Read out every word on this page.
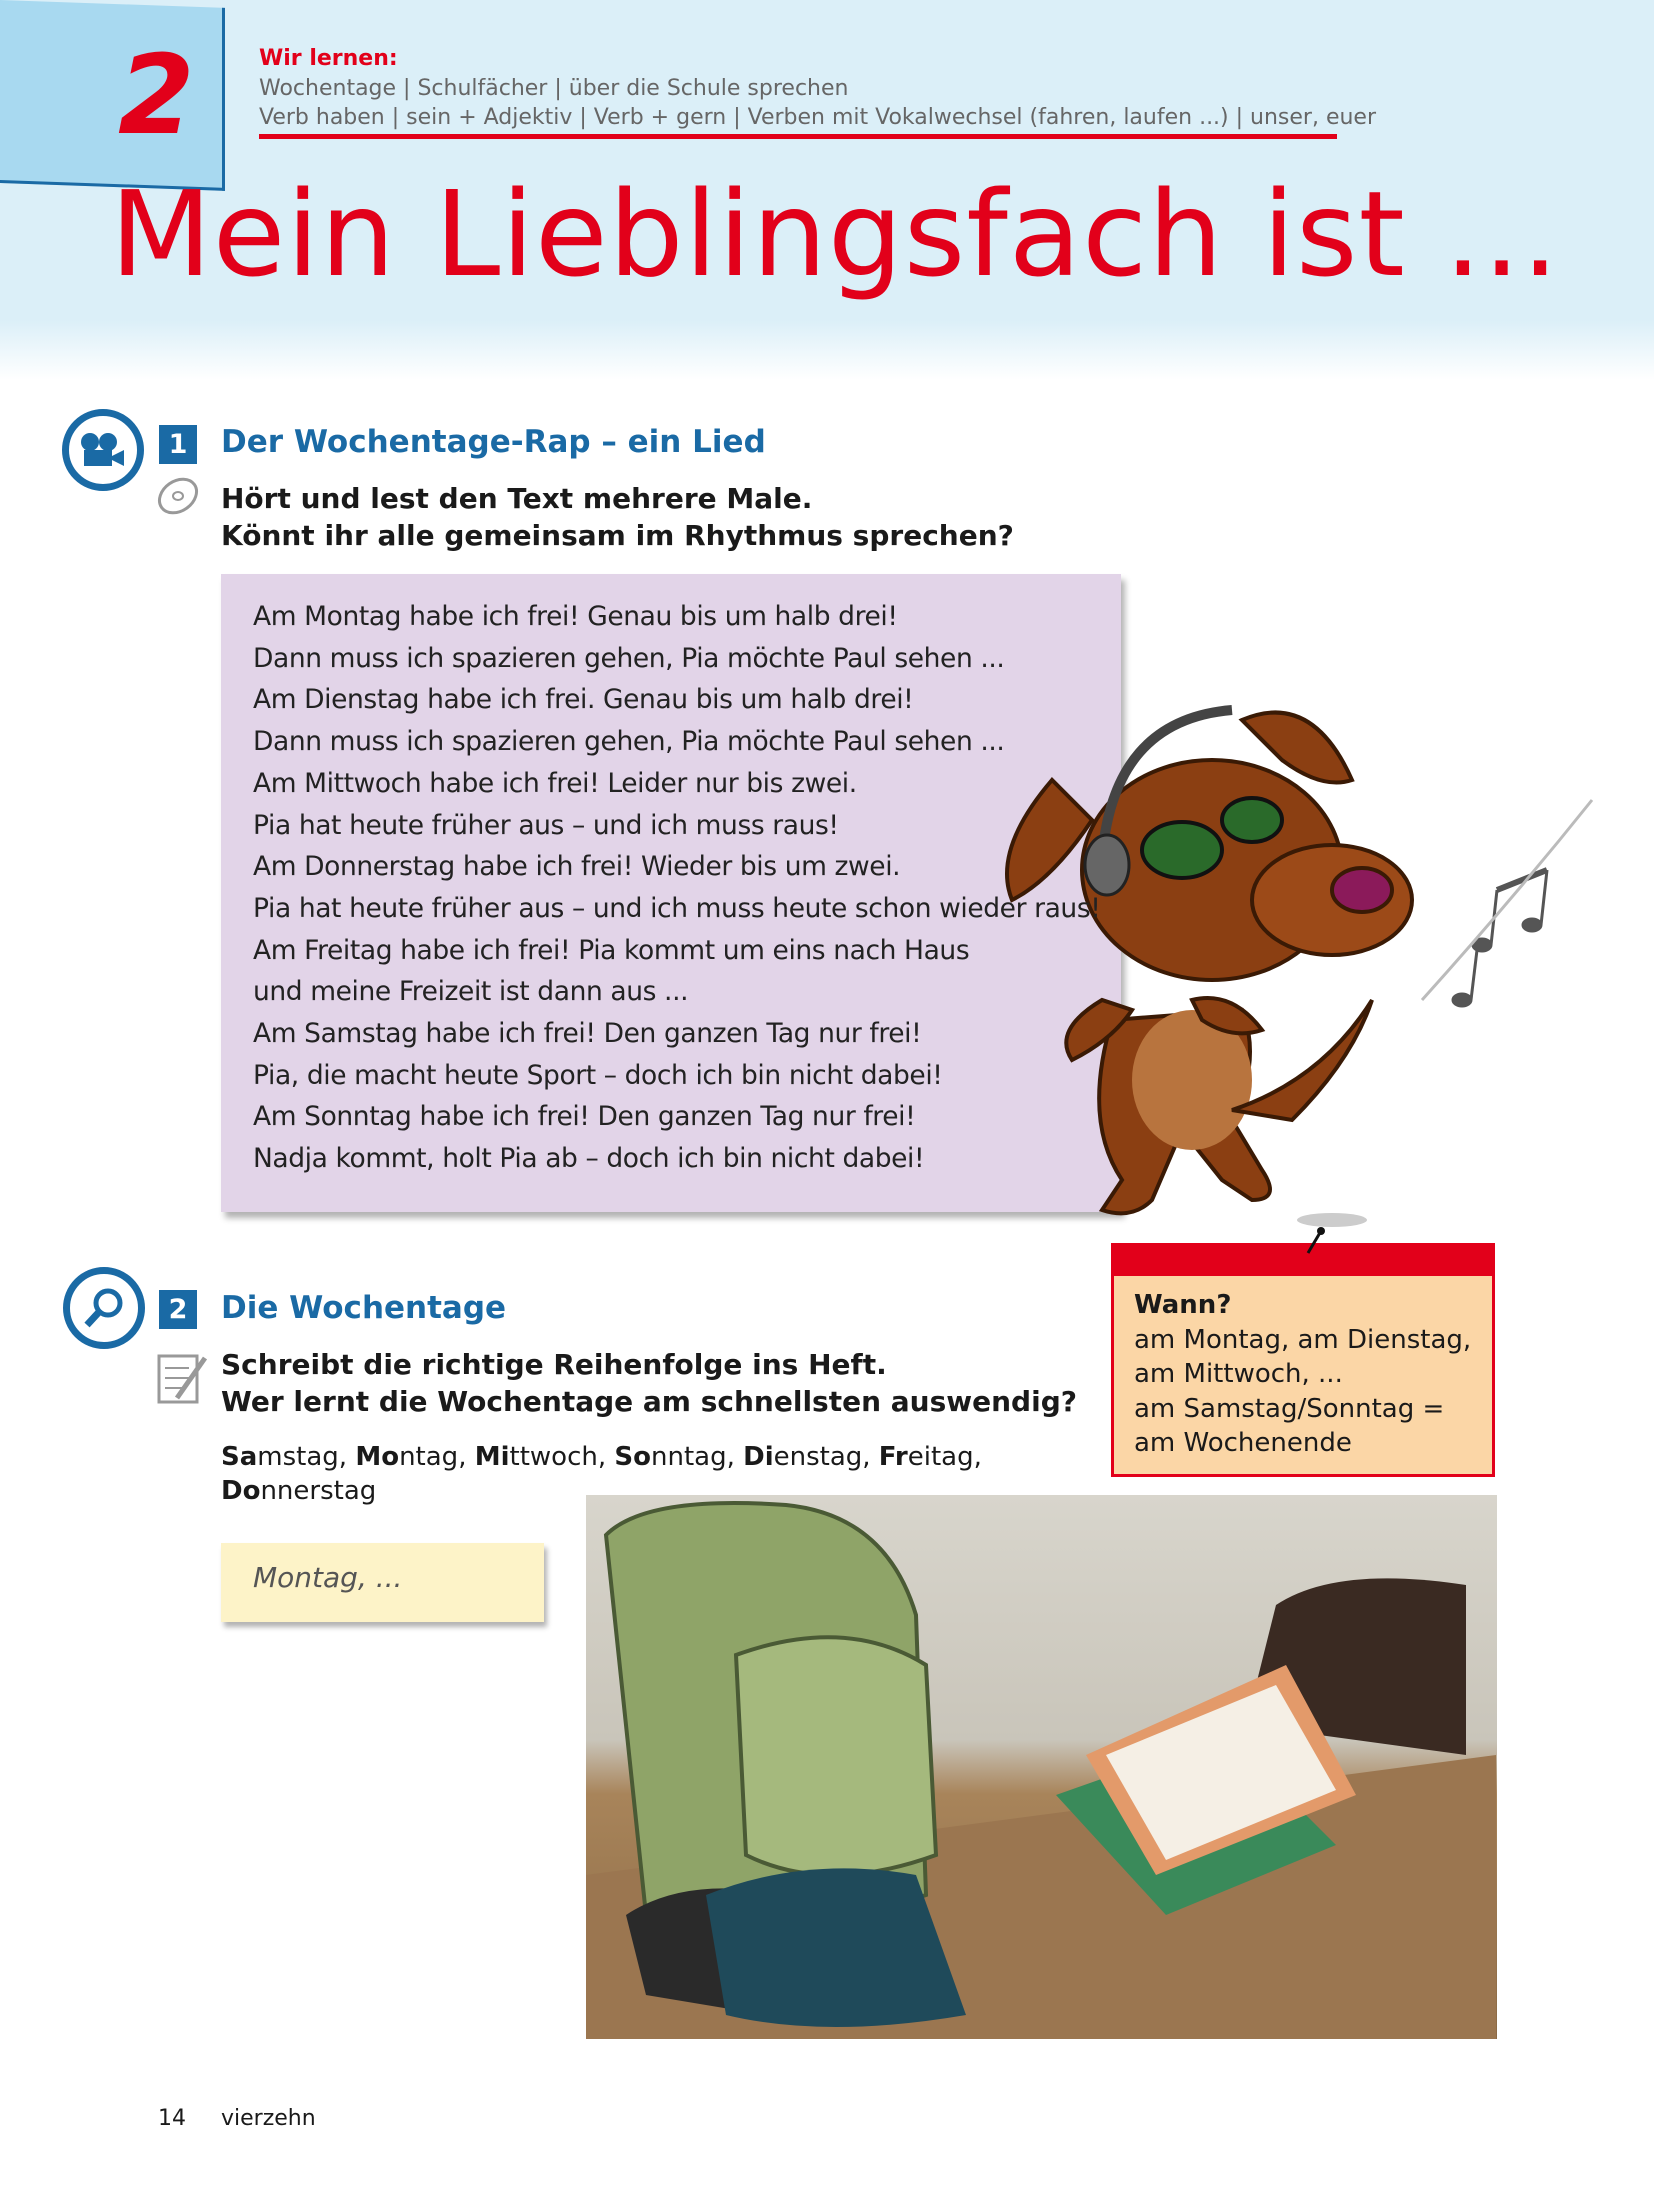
2	Wir lernen:
Wochentage | Schulfächer | über die Schule sprechen
Verb haben | sein + Adjektiv | Verb + gern | Verben mit Vokalwechsel (fahren, laufen ...) | unser, euer
Mein Lieblingsfach ist ...
1	Der Wochentage-Rap – ein Lied
Hört und lest den Text mehrere Male.
Könnt ihr alle gemeinsam im Rhythmus sprechen?
Am Montag habe ich frei! Genau bis um halb drei!
Dann muss ich spazieren gehen, Pia möchte Paul sehen ...
Am Dienstag habe ich frei. Genau bis um halb drei!
Dann muss ich spazieren gehen, Pia möchte Paul sehen ...
Am Mittwoch habe ich frei! Leider nur bis zwei.
Pia hat heute früher aus – und ich muss raus!
Am Donnerstag habe ich frei! Wieder bis um zwei.
Pia hat heute früher aus – und ich muss heute schon wieder raus!
Am Freitag habe ich frei! Pia kommt um eins nach Haus
und meine Freizeit ist dann aus ...
Am Samstag habe ich frei! Den ganzen Tag nur frei!
Pia, die macht heute Sport – doch ich bin nicht dabei!
Am Sonntag habe ich frei! Den ganzen Tag nur frei!
Nadja kommt, holt Pia ab – doch ich bin nicht dabei!
Wann?
am Montag, am Dienstag,
am Mittwoch, ...
am Samstag/Sonntag =
am Wochenende
2	Die Wochentage
Schreibt die richtige Reihenfolge ins Heft.
Wer lernt die Wochentage am schnellsten auswendig?
Samstag, Montag, Mittwoch, Sonntag, Dienstag, Freitag,
Donnerstag
Montag, ...
14 vierzehn
